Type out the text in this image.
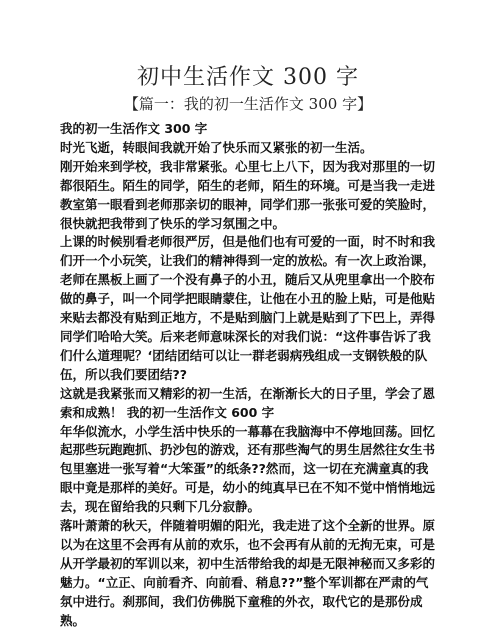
初中生活作文 300 字
【篇一：我的初一生活作文 300 字】

我的初一生活作文 300 字

时光飞逝，转眼间我就开始了快乐而又紧张的初一生活。

刚开始来到学校，我非常紧张。心里七上八下，因为我对那里的一切都很陌生。陌生的同学，陌生的老师，陌生的环境。可是当我一走进教室第一眼看到老师那亲切的眼神，同学们那一张张可爱的笑脸时，很快就把我带到了快乐的学习氛围之中。

上课的时候别看老师很严厉，但是他们也有可爱的一面，时不时和我们开一个小玩笑，让我们的精神得到一定的放松。有一次上政治课，老师在黑板上画了一个没有鼻子的小丑，随后又从兜里拿出一个胶布做的鼻子，叫一个同学把眼睛蒙住，让他在小丑的脸上贴，可是他贴来贴去都没有贴到正地方，不是贴到脑门上就是贴到了下巴上，弄得同学们哈哈大笑。后来老师意味深长的对我们说：“这件事告诉了我们什么道理呢？‘团结团结可以让一群老弱病残组成一支钢铁般的队伍，所以我们要团结??

这就是我紧张而又精彩的初一生活，在渐渐长大的日子里，学会了恩索和成熟！ 我的初一生活作文 600 字

年华似流水，小学生活中快乐的一幕幕在我脑海中不停地回荡。回忆起那些玩跑跑抓、扔沙包的游戏，还有那些淘气的男生居然往女生书包里塞进一张写着“大笨蛋”的纸条??然而，这一切在充满童真的我眼中竟是那样的美好。可是，幼小的纯真早已在不知不觉中悄悄地远去，现在留给我的只剩下几分寂静。

落叶萧萧的秋天，伴随着明媚的阳光，我走进了这个全新的世界。原以为在这里不会再有从前的欢乐，也不会再有从前的无拘无束，可是从开学最初的军训以来，初中生活带给我的却是无限神秘而又多彩的魅力。“立正、向前看齐、向前看、稍息??”整个军训都在严肃的气氛中进行。刹那间，我们仿佛脱下童稚的外衣，取代它的是那份成熟。
